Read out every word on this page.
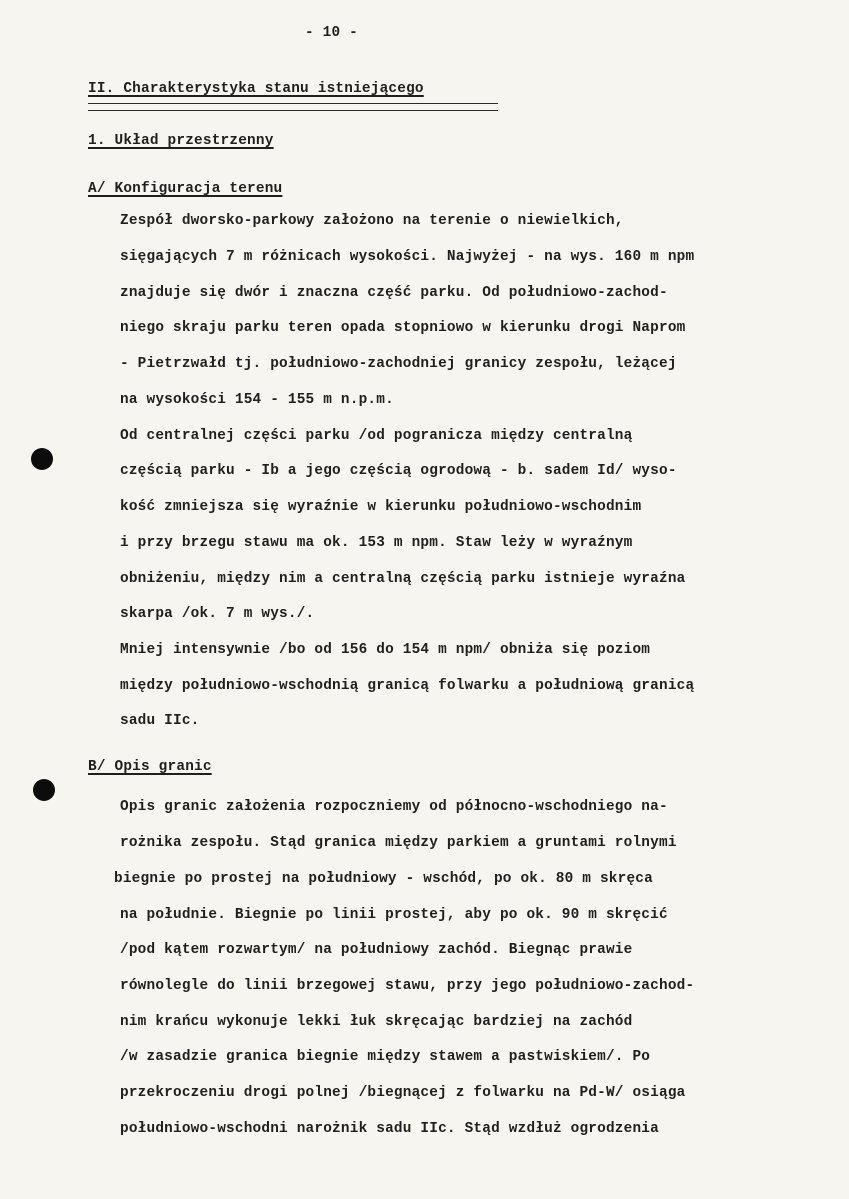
- 10 -
II. Charakterystyka stanu istniejącego
1. Układ przestrzenny
A/ Konfiguracja terenu
Zespół dworsko-parkowy założono na terenie o niewielkich,
sięgających 7 m różnicach wysokości. Najwyżej - na wys. 160 m npm
znajduje się dwór i znaczna część parku. Od południowo-zachod-
niego skraju parku teren opada stopniowo w kierunku drogi Naprom
- Pietrzwałd tj. południowo-zachodniej granicy zespołu, leżącej
na wysokości 154 - 155 m n.p.m.
Od centralnej części parku /od pogranicza między centralną
częścią parku - Ib a jego częścią ogrodową - b. sadem Id/ wyso-
kość zmniejsza się wyraźnie w kierunku południowo-wschodnim
i przy brzegu stawu ma ok. 153 m npm. Staw leży w wyraźnym
obniżeniu, między nim a centralną częścią parku istnieje wyraźna
skarpa /ok. 7 m wys./.
Mniej intensywnie /bo od 156 do 154 m npm/ obniża się poziom
między południowo-wschodnią granicą folwarku a południową granicą
sadu IIc.
B/ Opis granic
Opis granic założenia rozpoczniemy od północno-wschodniego na-
rożnika zespołu. Stąd granica między parkiem a gruntami rolnymi
biegnie po prostej na południowy - wschód, po ok. 80 m skręca
na południe. Biegnie po linii prostej, aby po ok. 90 m skręcić
/pod kątem rozwartym/ na południowy zachód. Biegnąc prawie
równolegle do linii brzegowej stawu, przy jego południowo-zachod-
nim krańcu wykonuje lekki łuk skręcając bardziej na zachód
/w zasadzie granica biegnie między stawem a pastwiskiem/. Po
przekroczeniu drogi polnej /biegnącej z folwarku na Pd-W/ osiąga
południowo-wschodni narożnik sadu IIc. Stąd wzdłuż ogrodzenia
